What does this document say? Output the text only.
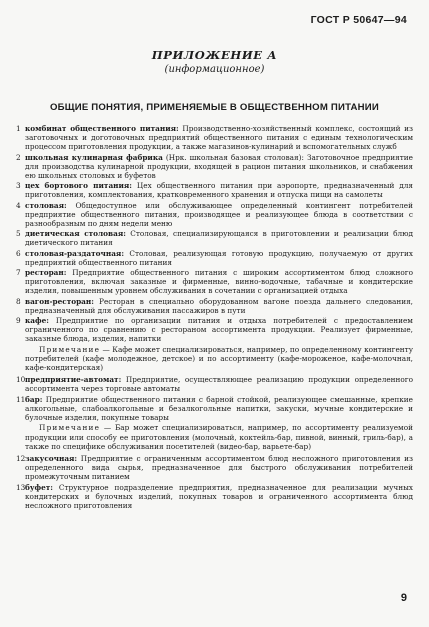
ГОСТ Р 50647—94
ПРИЛОЖЕНИЕ А
(информационное)
ОБЩИЕ ПОНЯТИЯ, ПРИМЕНЯЕМЫЕ В ОБЩЕСТВЕННОМ ПИТАНИИ
1 комбинат общественного питания: Производственно-хозяйственный комплекс, состоящий из заготовочных и доготовочных предприятий общественного питания с единым технологическим процессом приготовления продукции, а также магазинов-кулинарий и вспомогательных служб
2 школьная кулинарная фабрика (Нрк. школьная базовая столовая): Заготовочное предприятие для производства кулинарной продукции, входящей в рацион питания школьников, и снабжения ею школьных столовых и буфетов
3 цех бортового питания: Цех общественного питания при аэропорте, предназначенный для приготовления, комплектования, кратковременного хранения и отпуска пищи на самолеты
4 столовая: Общедоступное или обслуживающее определенный контингент потребителей предприятие общественного питания, производящее и реализующее блюда в соответствии с разнообразным по дням недели меню
5 диетическая столовая: Столовая, специализирующаяся в приготовлении и реализации блюд диетического питания
6 столовая-раздаточная: Столовая, реализующая готовую продукцию, получаемую от других предприятий общественного питания
7 ресторан: Предприятие общественного питания с широким ассортиментом блюд сложного приготовления, включая заказные и фирменные, винно-водочные, табачные и кондитерские изделия, повышенным уровнем обслуживания в сочетании с организацией отдыха
8 вагон-ресторан: Ресторан в специально оборудованном вагоне поезда дальнего следования, предназначенный для обслуживания пассажиров в пути
9 кафе: Предприятие по организации питания и отдыха потребителей с предоставлением ограниченного по сравнению с рестораном ассортимента продукции. Реализует фирменные, заказные блюда, изделия, напитки
Примечание — Кафе может специализироваться, например, по определенному контингенту потребителей (кафе молодежное, детское) и по ассортименту (кафе-мороженое, кафе-молочная, кафе-кондитерская)
10 предприятие-автомат: Предприятие, осуществляющее реализацию продукции определенного ассортимента через торговые автоматы
11 бар: Предприятие общественного питания с барной стойкой, реализующее смешанные, крепкие алкогольные, слабоалкогольные и безалкогольные напитки, закуски, мучные кондитерские и булочные изделия, покупные товары
Примечание — Бар может специализироваться, например, по ассортименту реализуемой продукции или способу ее приготовления (молочный, коктейль-бар, пивной, винный, гриль-бар), а также по специфике обслуживания посетителей (видео-бар, варьете-бар)
12 закусочная: Предприятие с ограниченным ассортиментом блюд несложного приготовления из определенного вида сырья, предназначенное для быстрого обслуживания потребителей промежуточным питанием
13 буфет: Структурное подразделение предприятия, предназначенное для реализации мучных кондитерских и булочных изделий, покупных товаров и ограниченного ассортимента блюд несложного приготовления
9
